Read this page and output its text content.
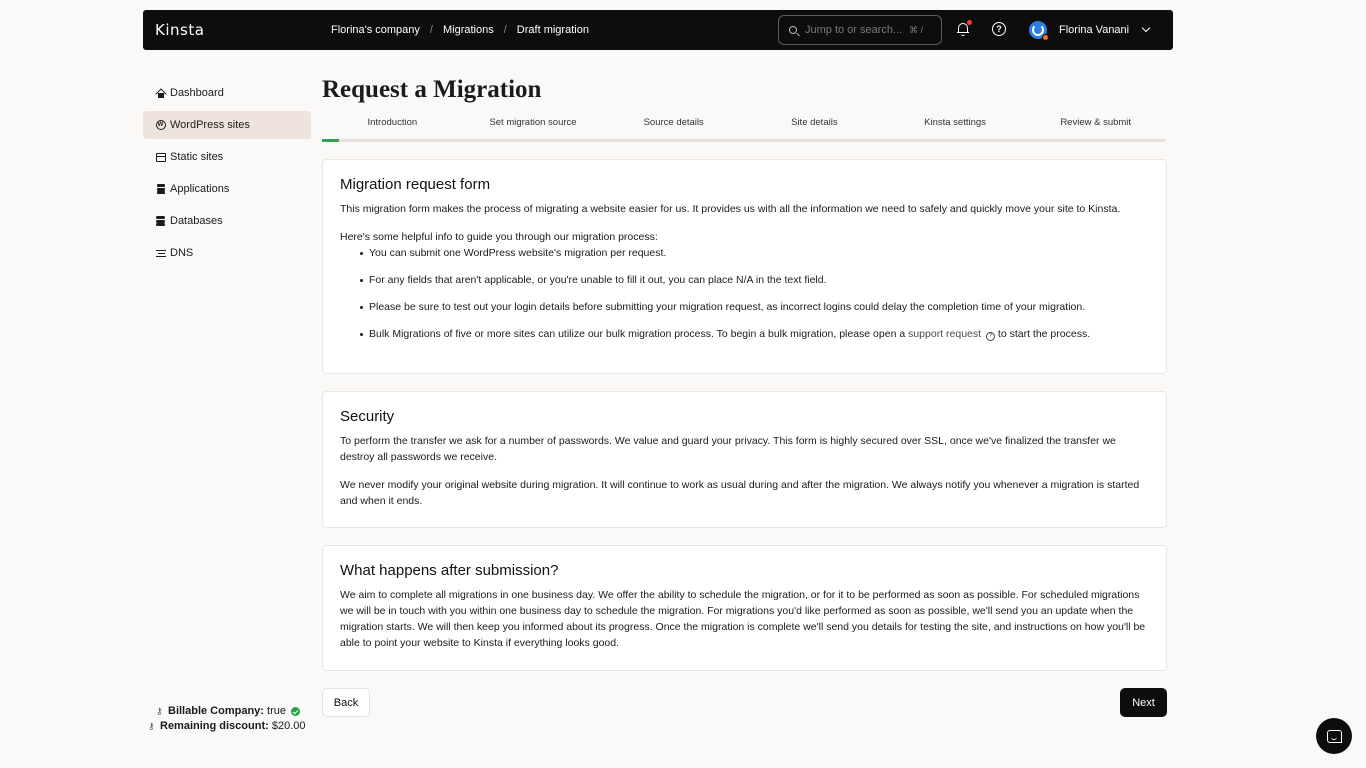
Kinsta	Florina's company / Migrations / Draft migration
Jump to or search...	⌘ /	?	Florina Vanani
Dashboard
W WordPress sites
Static sites
Applications
Databases
DNS
⚷ Billable Company:
true
⚷ Remaining discount:
$20.00
Request a Migration
Introduction	Set migration source	Source details	Site details	Kinsta settings	Review & submit
Migration request form

This migration form makes the process of migrating a website easier for us. It provides us with all the information we need to safely and quickly move your site to Kinsta.

Here's some helpful info to guide you through our migration process:

You can submit one WordPress website's migration per request.
For any fields that aren't applicable, or you're unable to fill it out, you can place N/A in the text field.
Please be sure to test out your login details before submitting your migration request, as incorrect logins could delay the completion time of your migration.
Bulk Migrations of five or more sites can utilize our bulk migration process. To begin a bulk migration, please open a support request ? to start the process.
Security

To perform the transfer we ask for a number of passwords. We value and guard your privacy. This form is highly secured over SSL, once we've finalized the transfer we destroy all passwords we receive.

We never modify your original website during migration. It will continue to work as usual during and after the migration. We always notify you whenever a migration is started and when it ends.

What happens after submission?

We aim to complete all migrations in one business day. We offer the ability to schedule the migration, or for it to be performed as soon as possible. For scheduled migrations we will be in touch with you within one business day to schedule the migration. For migrations you'd like performed as soon as possible, we'll send you an update when the migration starts. We will then keep you informed about its progress. Once the migration is complete we'll send you details for testing the site, and instructions on how you'll be able to point your website to Kinsta if everything looks good.

Back	Next
